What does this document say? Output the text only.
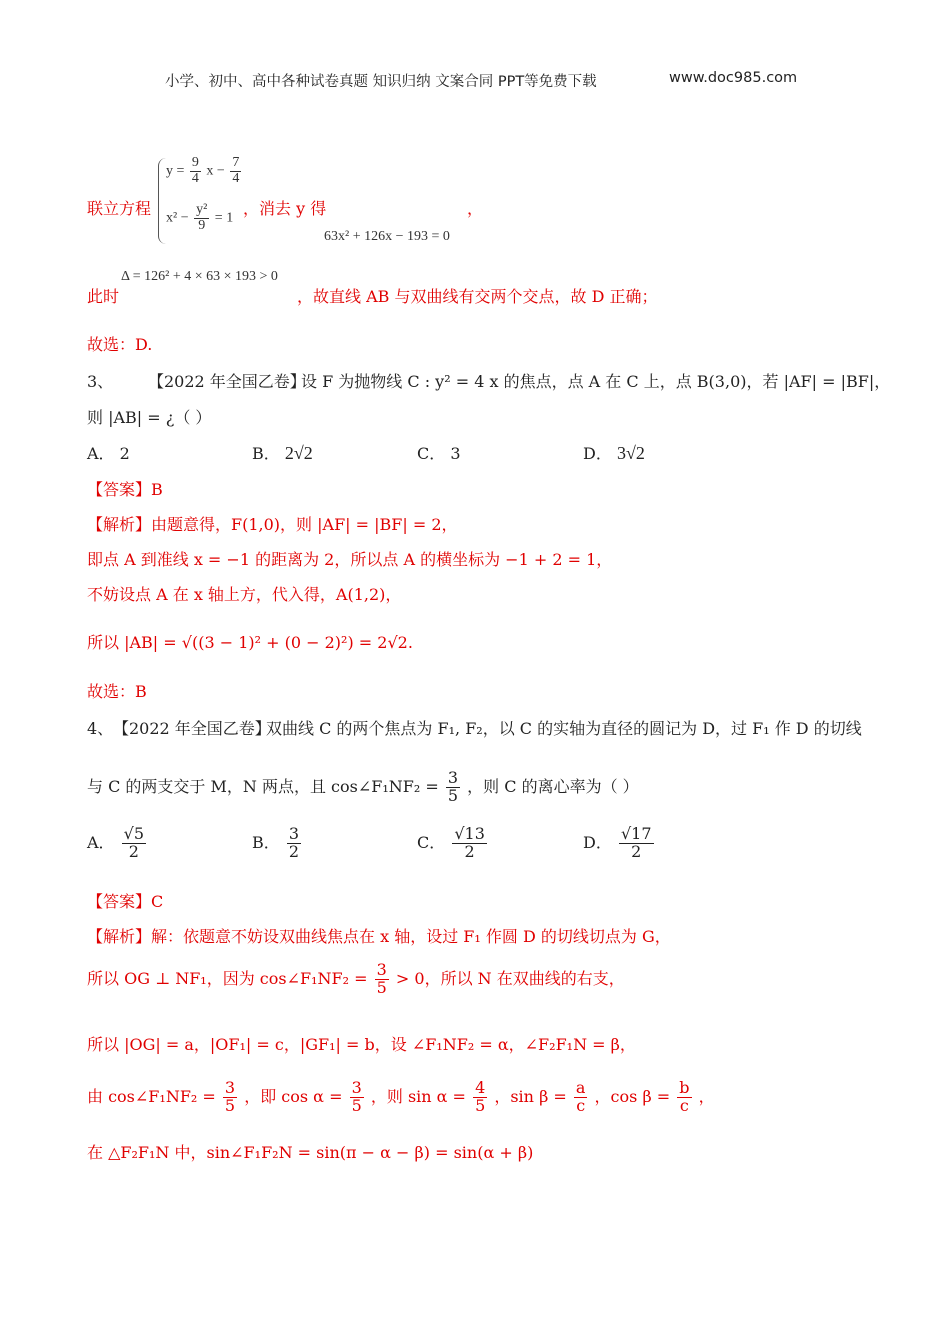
小学、初中、高中各种试卷真题 知识归纳 文案合同 PPT等免费下载	www.doc985.com
联立方程
$y = \frac{9}{4}$ $x - \frac{7}{4}$
$x^2 - \frac{\text{y²}}{9} = 1$ ，消去 y 得	，
63x² + 126x − 193 = 0
此时
Δ = 126² + 4 × 63 × 193 > 0
，故直线 AB 与双曲线有交两个交点，故 D 正确；
故选：D.
3、 【2022 年全国乙卷】
设 F 为抛物线 C : y² = 4 x 的焦点，点 A 在 C 上，点 B(3,0)，若 |AF| = |BF|，
则 |AB| = ¿（ ）
A． 2	B． 2√2	C． 3	D． 3√2
【答案】B
【解析】由题意得，F(1,0)，则 |AF| = |BF| = 2，
即点 A 到准线 x = −1 的距离为 2，所以点 A 的横坐标为 −1 + 2 = 1，
不妨设点 A 在 x 轴上方，代入得，A(1,2)，
所以 |AB| = √((3 − 1)² + (0 − 2)²) = 2√2.
故选：B
4、 【2022 年全国乙卷】
双曲线 C 的两个焦点为 F₁, F₂，以 C 的实轴为直径的圆记为 D，过 F₁ 作 D 的切线
与 C 的两支交于 M，N 两点，且 cos∠F₁NF₂ = $\frac{3}{5}$ ，则 C 的离心率为（ ）
A． $\frac{√5}{2}$	B． $\frac{3}{2}$	C． $\frac{√13}{2}$	D． $\frac{√17}{2}$
【答案】C
【解析】解：依题意不妨设双曲线焦点在 x 轴，设过 F₁ 作圆 D 的切线切点为 G，
所以 OG ⊥ NF₁，因为 cos∠F₁NF₂ = $\frac{3}{5} > 0$，所以 N 在双曲线的右支，
所以 |OG| = a，|OF₁| = c，|GF₁| = b，设 ∠F₁NF₂ = α，∠F₂F₁N = β，
由 cos∠F₁NF₂ = $\frac{3}{5}$ ，即 $\cos \alpha = \frac{3}{5}$ ，则 $\sin \alpha = \frac{4}{5}$ ，$\sin \beta = \frac{a}{c}$ ，$\cos \beta = \frac{b}{c}$ ，
在 △F₂F₁N 中，sin∠F₁F₂N = sin(π − α − β) = sin(α + β)
